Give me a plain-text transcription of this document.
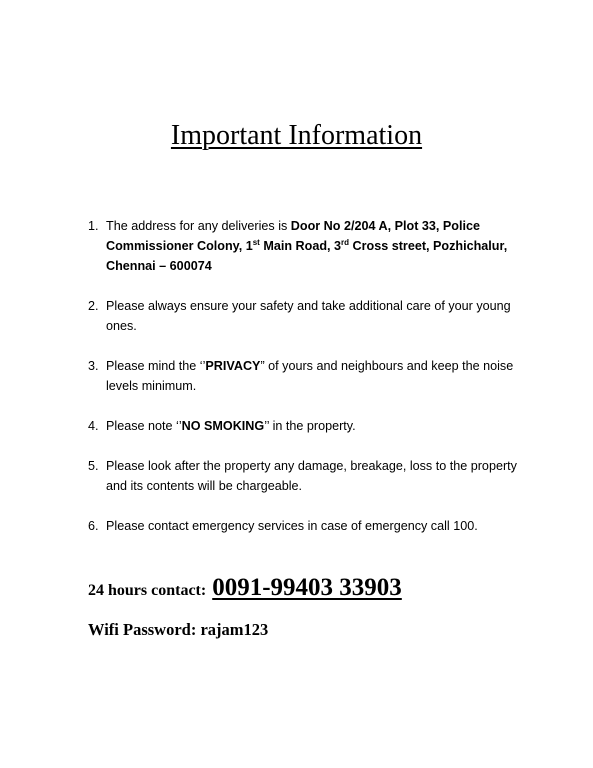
Important Information
1. The address for any deliveries is Door No 2/204 A, Plot 33, Police Commissioner Colony, 1st Main Road, 3rd Cross street, Pozhichalur, Chennai – 600074
2. Please always ensure your safety and take additional care of your young ones.
3. Please mind the ‘’PRIVACY” of yours and neighbours and keep the noise levels minimum.
4. Please note ‘’NO SMOKING’’ in the property.
5. Please look after the property any damage, breakage, loss to the property and its contents will be chargeable.
6. Please contact emergency services in case of emergency call 100.
24 hours contact: 0091-99403 33903
Wifi Password: rajam123
